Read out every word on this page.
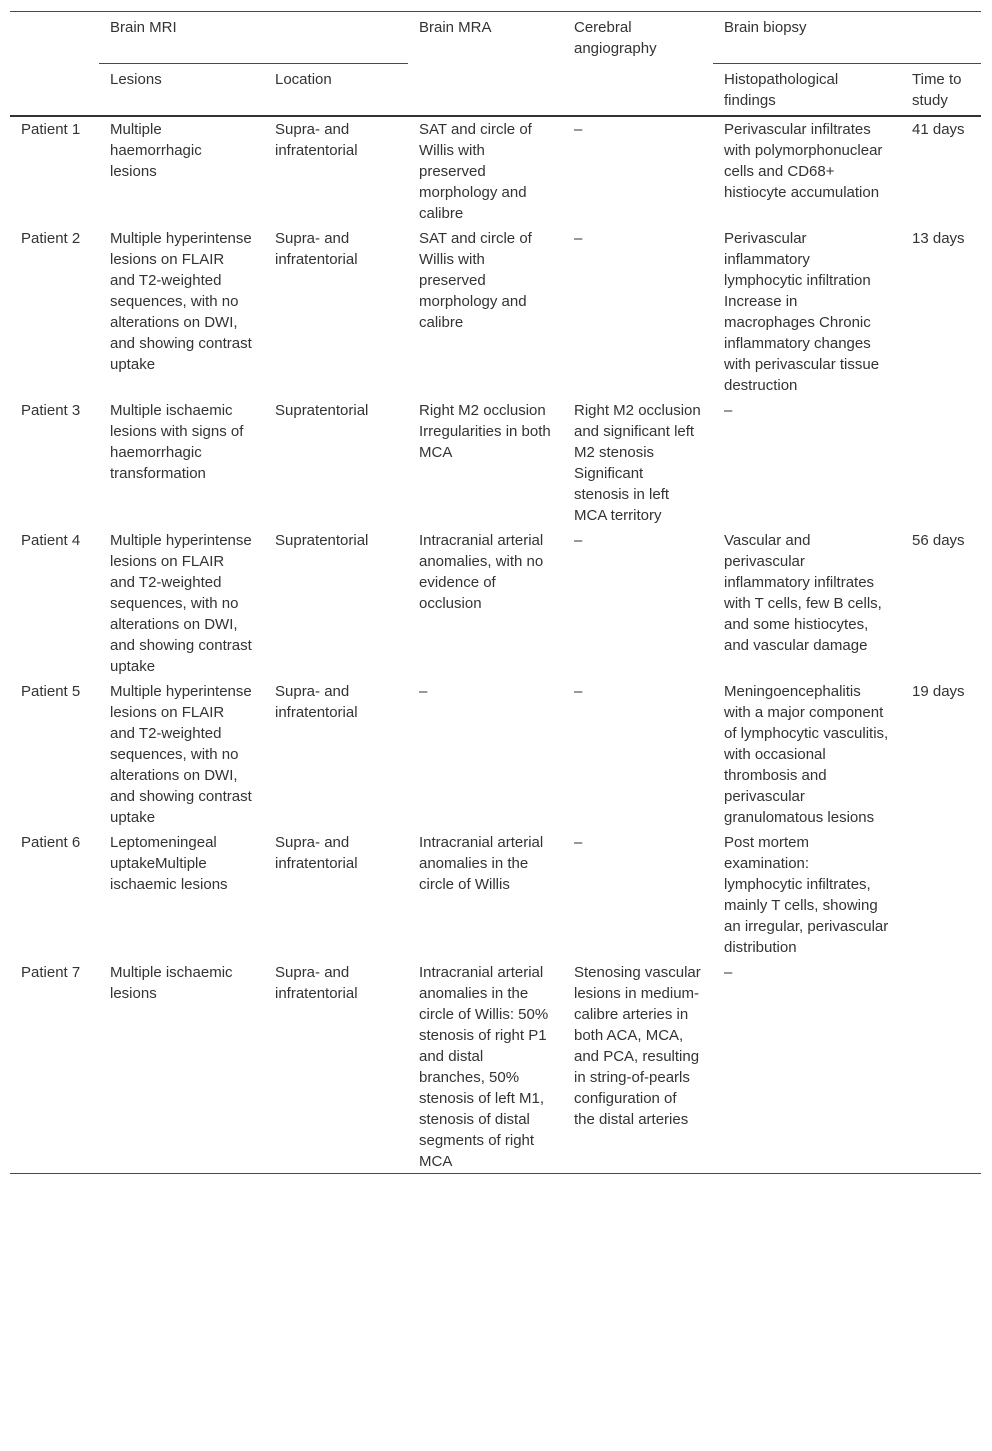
	Brain MRI		Brain MRA	Cerebral angiography	Brain biopsy	
	Lesions	Location			Histopathological findings	Time to study
Patient 1	Multiple haemorrhagic lesions	Supra- and infratentorial	SAT and circle of Willis with preserved morphology and calibre	–	Perivascular infiltrates with polymorphonuclear cells and CD68+ histiocyte accumulation	41 days
Patient 2	Multiple hyperintense lesions on FLAIR and T2-weighted sequences, with no alterations on DWI, and showing contrast uptake	Supra- and infratentorial	SAT and circle of Willis with preserved morphology and calibre	–	Perivascular inflammatory lymphocytic infiltration Increase in macrophages Chronic inflammatory changes with perivascular tissue destruction	13 days
Patient 3	Multiple ischaemic lesions with signs of haemorrhagic transformation	Supratentorial	Right M2 occlusion Irregularities in both MCA	Right M2 occlusion and significant left M2 stenosis Significant stenosis in left MCA territory	–	
Patient 4	Multiple hyperintense lesions on FLAIR and T2-weighted sequences, with no alterations on DWI, and showing contrast uptake	Supratentorial	Intracranial arterial anomalies, with no evidence of occlusion	–	Vascular and perivascular inflammatory infiltrates with T cells, few B cells, and some histiocytes, and vascular damage	56 days
Patient 5	Multiple hyperintense lesions on FLAIR and T2-weighted sequences, with no alterations on DWI, and showing contrast uptake	Supra- and infratentorial	–	–	Meningoencephalitis with a major component of lymphocytic vasculitis, with occasional thrombosis and perivascular granulomatous lesions	19 days
Patient 6	Leptomeningeal uptakeMultiple ischaemic lesions	Supra- and infratentorial	Intracranial arterial anomalies in the circle of Willis	–	Post mortem examination: lymphocytic infiltrates, mainly T cells, showing an irregular, perivascular distribution	
Patient 7	Multiple ischaemic lesions	Supra- and infratentorial	Intracranial arterial anomalies in the circle of Willis: 50% stenosis of right P1 and distal branches, 50% stenosis of left M1, stenosis of distal segments of right MCA	Stenosing vascular lesions in medium-calibre arteries in both ACA, MCA, and PCA, resulting in string-of-pearls configuration of the distal arteries	–	
